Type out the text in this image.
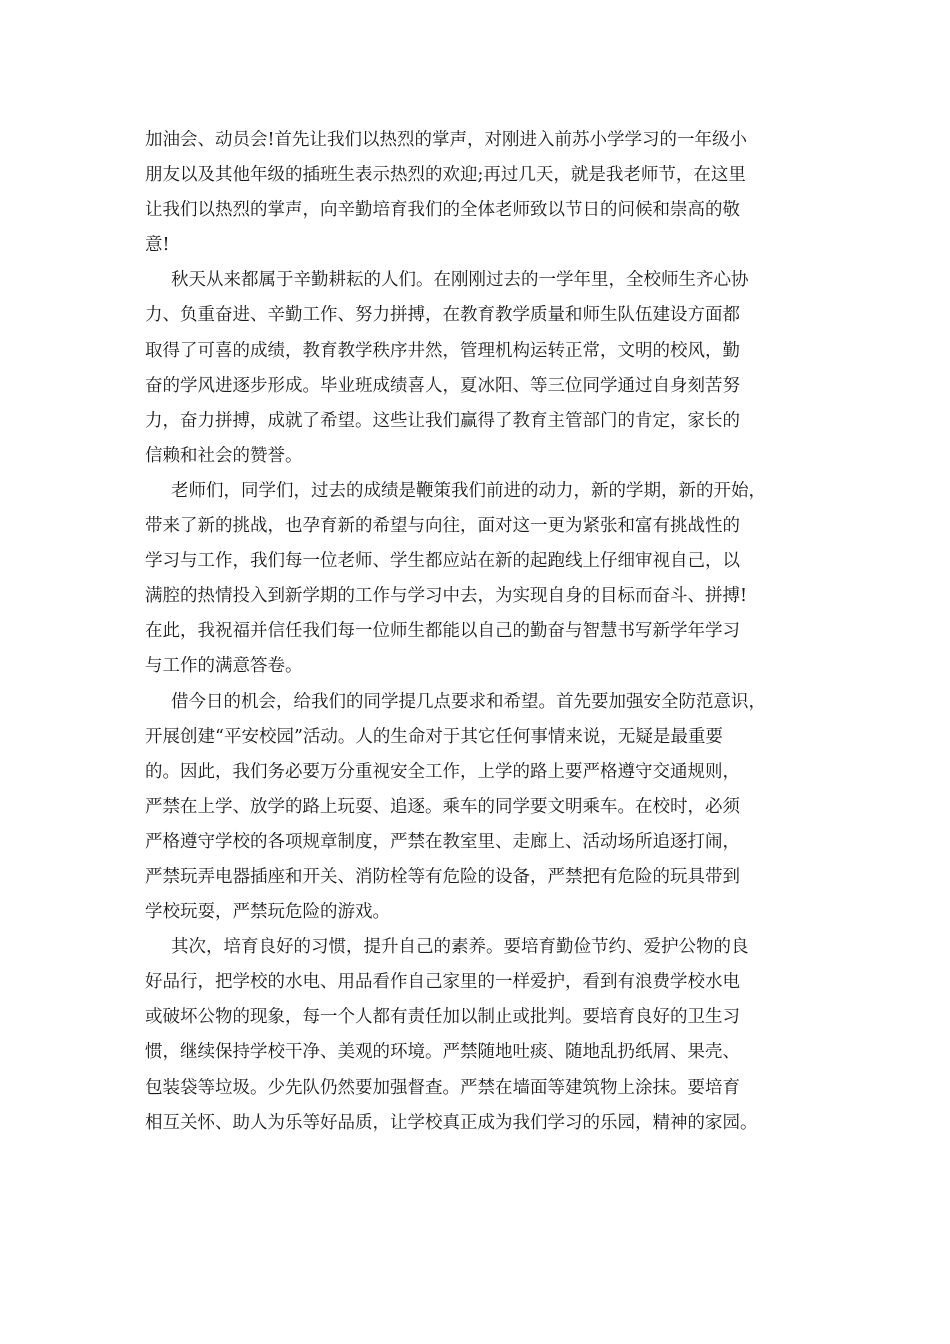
加油会、动员会!首先让我们以热烈的掌声，对刚进入前苏小学学习的一年级小
朋友以及其他年级的插班生表示热烈的欢迎;再过几天，就是我老师节，在这里
让我们以热烈的掌声，向辛勤培育我们的全体老师致以节日的问候和崇高的敬
意!
秋天从来都属于辛勤耕耘的人们。在刚刚过去的一学年里，全校师生齐心协
力、负重奋进、辛勤工作、努力拼搏，在教育教学质量和师生队伍建设方面都
取得了可喜的成绩，教育教学秩序井然，管理机构运转正常，文明的校风，勤
奋的学风进逐步形成。毕业班成绩喜人，夏冰阳、等三位同学通过自身刻苦努
力，奋力拼搏，成就了希望。这些让我们赢得了教育主管部门的肯定，家长的
信赖和社会的赞誉。
老师们，同学们，过去的成绩是鞭策我们前进的动力，新的学期，新的开始，
带来了新的挑战，也孕育新的希望与向往，面对这一更为紧张和富有挑战性的
学习与工作，我们每一位老师、学生都应站在新的起跑线上仔细审视自己，以
满腔的热情投入到新学期的工作与学习中去，为实现自身的目标而奋斗、拼搏!
在此，我祝福并信任我们每一位师生都能以自己的勤奋与智慧书写新学年学习
与工作的满意答卷。
借今日的机会，给我们的同学提几点要求和希望。首先要加强安全防范意识，
开展创建“平安校园”活动。人的生命对于其它任何事情来说，无疑是最重要
的。因此，我们务必要万分重视安全工作，上学的路上要严格遵守交通规则，
严禁在上学、放学的路上玩耍、追逐。乘车的同学要文明乘车。在校时，必须
严格遵守学校的各项规章制度，严禁在教室里、走廊上、活动场所追逐打闹，
严禁玩弄电器插座和开关、消防栓等有危险的设备，严禁把有危险的玩具带到
学校玩耍，严禁玩危险的游戏。
其次，培育良好的习惯，提升自己的素养。要培育勤俭节约、爱护公物的良
好品行，把学校的水电、用品看作自己家里的一样爱护，看到有浪费学校水电
或破坏公物的现象，每一个人都有责任加以制止或批判。要培育良好的卫生习
惯，继续保持学校干净、美观的环境。严禁随地吐痰、随地乱扔纸屑、果壳、
包装袋等垃圾。少先队仍然要加强督查。严禁在墙面等建筑物上涂抹。要培育
相互关怀、助人为乐等好品质，让学校真正成为我们学习的乐园，精神的家园。
